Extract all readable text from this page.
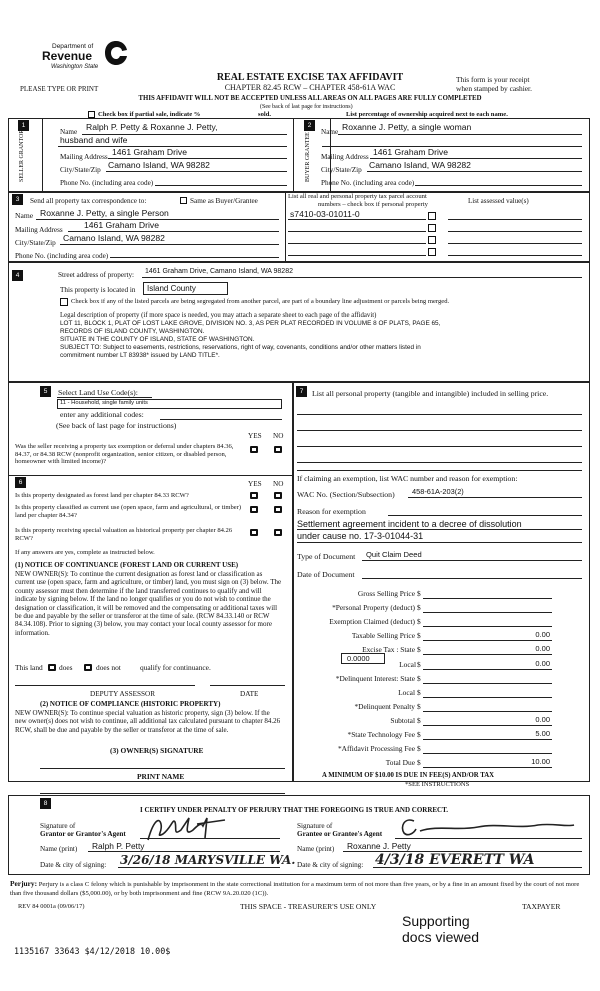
Department of
Revenue
Washington State
REAL ESTATE EXCISE TAX AFFIDAVIT
CHAPTER 82.45 RCW – CHAPTER 458-61A WAC
PLEASE TYPE OR PRINT
This form is your receipt
when stamped by cashier.
THIS AFFIDAVIT WILL NOT BE ACCEPTED UNLESS ALL AREAS ON ALL PAGES ARE FULLY COMPLETED
(See back of last page for instructions)
Check box if partial sale, indicate %	sold.	List percentage of ownership acquired next to each name.
1
SELLER GRANTOR	Name Ralph P. Petty & Roxanne J. Petty,
husband and wife
Mailing Address 1461 Graham Drive
City/State/Zip Camano Island, WA 98282
Phone No. (including area code)
2
BUYER GRANTEE
Name Roxanne J. Petty, a single woman
Mailing Address 1461 Graham Drive
City/State/Zip Camano Island, WA 98282
Phone No. (including area code)
3	Send all property tax correspondence to:	Same as Buyer/Grantee
Name Roxanne J. Petty, a single Person
Mailing Address 1461 Graham Drive
City/State/Zip Camano Island, WA 98282
Phone No. (including area code)
List all real and personal property tax parcel account
numbers – check box if personal property	List assessed value(s)
s7410-03-01011-0
4	Street address of property: 1461 Graham Drive, Camano Island, WA 98282
This property is located in Island County
Check box if any of the listed parcels are being segregated from another parcel, are part of a boundary line adjustment or parcels being merged.
Legal description of property (if more space is needed, you may attach a separate sheet to each page of the affidavit)
LOT 11, BLOCK 1, PLAT OF LOST LAKE GROVE, DIVISION NO. 3, AS PER PLAT RECORDED IN VOLUME 8 OF PLATS, PAGE 65,
RECORDS OF ISLAND COUNTY, WASHINGTON.
SITUATE IN THE COUNTY OF ISLAND, STATE OF WASHINGTON.
SUBJECT TO: Subject to easements, restrictions, reservations, right of way, covenants, conditions and/or other matters listed in
commitment number LT 83938* issued by LAND TITLE*.
5	Select Land Use Code(s):
11 - Household, single family units
enter any additional codes:
(See back of last page for instructions)
YES NO
Was the seller receiving a property tax exemption or deferral under chapters 84.36, 84.37, or 84.38 RCW (nonprofit organization, senior citizen, or disabled person, homeowner with limited income)?
6	YES NO
Is this property designated as forest land per chapter 84.33 RCW?
Is this property classified as current use (open space, farm and agricultural, or timber) land per chapter 84.34?
Is this property receiving special valuation as historical property per chapter 84.26 RCW?
If any answers are yes, complete as instructed below.
(1) NOTICE OF CONTINUANCE (FOREST LAND OR CURRENT USE)
NEW OWNER(S): To continue the current designation as forest land or classification as current use (open space, farm and agriculture, or timber) land, you must sign on (3) below. The county assessor must then determine if the land transferred continues to qualify and will indicate by signing below. If the land no longer qualifies or you do not wish to continue the designation or classification, it will be removed and the compensating or additional taxes will be due and payable by the seller or transferor at the time of sale. (RCW 84.33.140 or RCW 84.34.108). Prior to signing (3) below, you may contact your local county assessor for more information.
This land does	does not	qualify for continuance.
DEPUTY ASSESSOR	DATE
(2) NOTICE OF COMPLIANCE (HISTORIC PROPERTY)
NEW OWNER(S): To continue special valuation as historic property, sign (3) below. If the new owner(s) does not wish to continue, all additional tax calculated pursuant to chapter 84.26 RCW, shall be due and payable by the seller or transferor at the time of sale.
(3) OWNER(S) SIGNATURE
PRINT NAME
7	List all personal property (tangible and intangible) included in selling price.
If claiming an exemption, list WAC number and reason for exemption:
WAC No. (Section/Subsection) 458-61A-203(2)
Reason for exemption
Settlement agreement incident to a decree of dissolution
under cause no. 17-3-01044-31
Type of Document Quit Claim Deed
Date of Document
Gross Selling Price $
*Personal Property (deduct) $
Exemption Claimed (deduct) $
Taxable Selling Price $	0.00
Excise Tax : State $	0.00
Local $	0.00
*Delinquent Interest: State $
Local $
*Delinquent Penalty $
Subtotal $	0.00
*State Technology Fee $	5.00
*Affidavit Processing Fee $
Total Due $	10.00
0.0000
A MINIMUM OF $10.00 IS DUE IN FEE(S) AND/OR TAX
*SEE INSTRUCTIONS
8
I CERTIFY UNDER PENALTY OF PERJURY THAT THE FOREGOING IS TRUE AND CORRECT.
Signature of
Grantor or Grantor's Agent
Name (print) Ralph P. Petty
Date & city of signing: 3/26/18 MARYSVILLE WA.
Signature of
Grantee or Grantee's Agent
Name (print) Roxanne J. Petty
Date & city of signing: 4/3/18 EVERETT WA
Perjury: Perjury is a class C felony which is punishable by imprisonment in the state correctional institution for a maximum term of not more than five years, or by a fine in an amount fixed by the court of not more than five thousand dollars ($5,000.00), or by both imprisonment and fine (RCW 9A.20.020 (1C)).
REV 84 0001a (09/06/17)	THIS SPACE - TREASURER'S USE ONLY	TAXPAYER
Supporting
docs viewed
1135167 33643 $4/12/2018 10.00$
